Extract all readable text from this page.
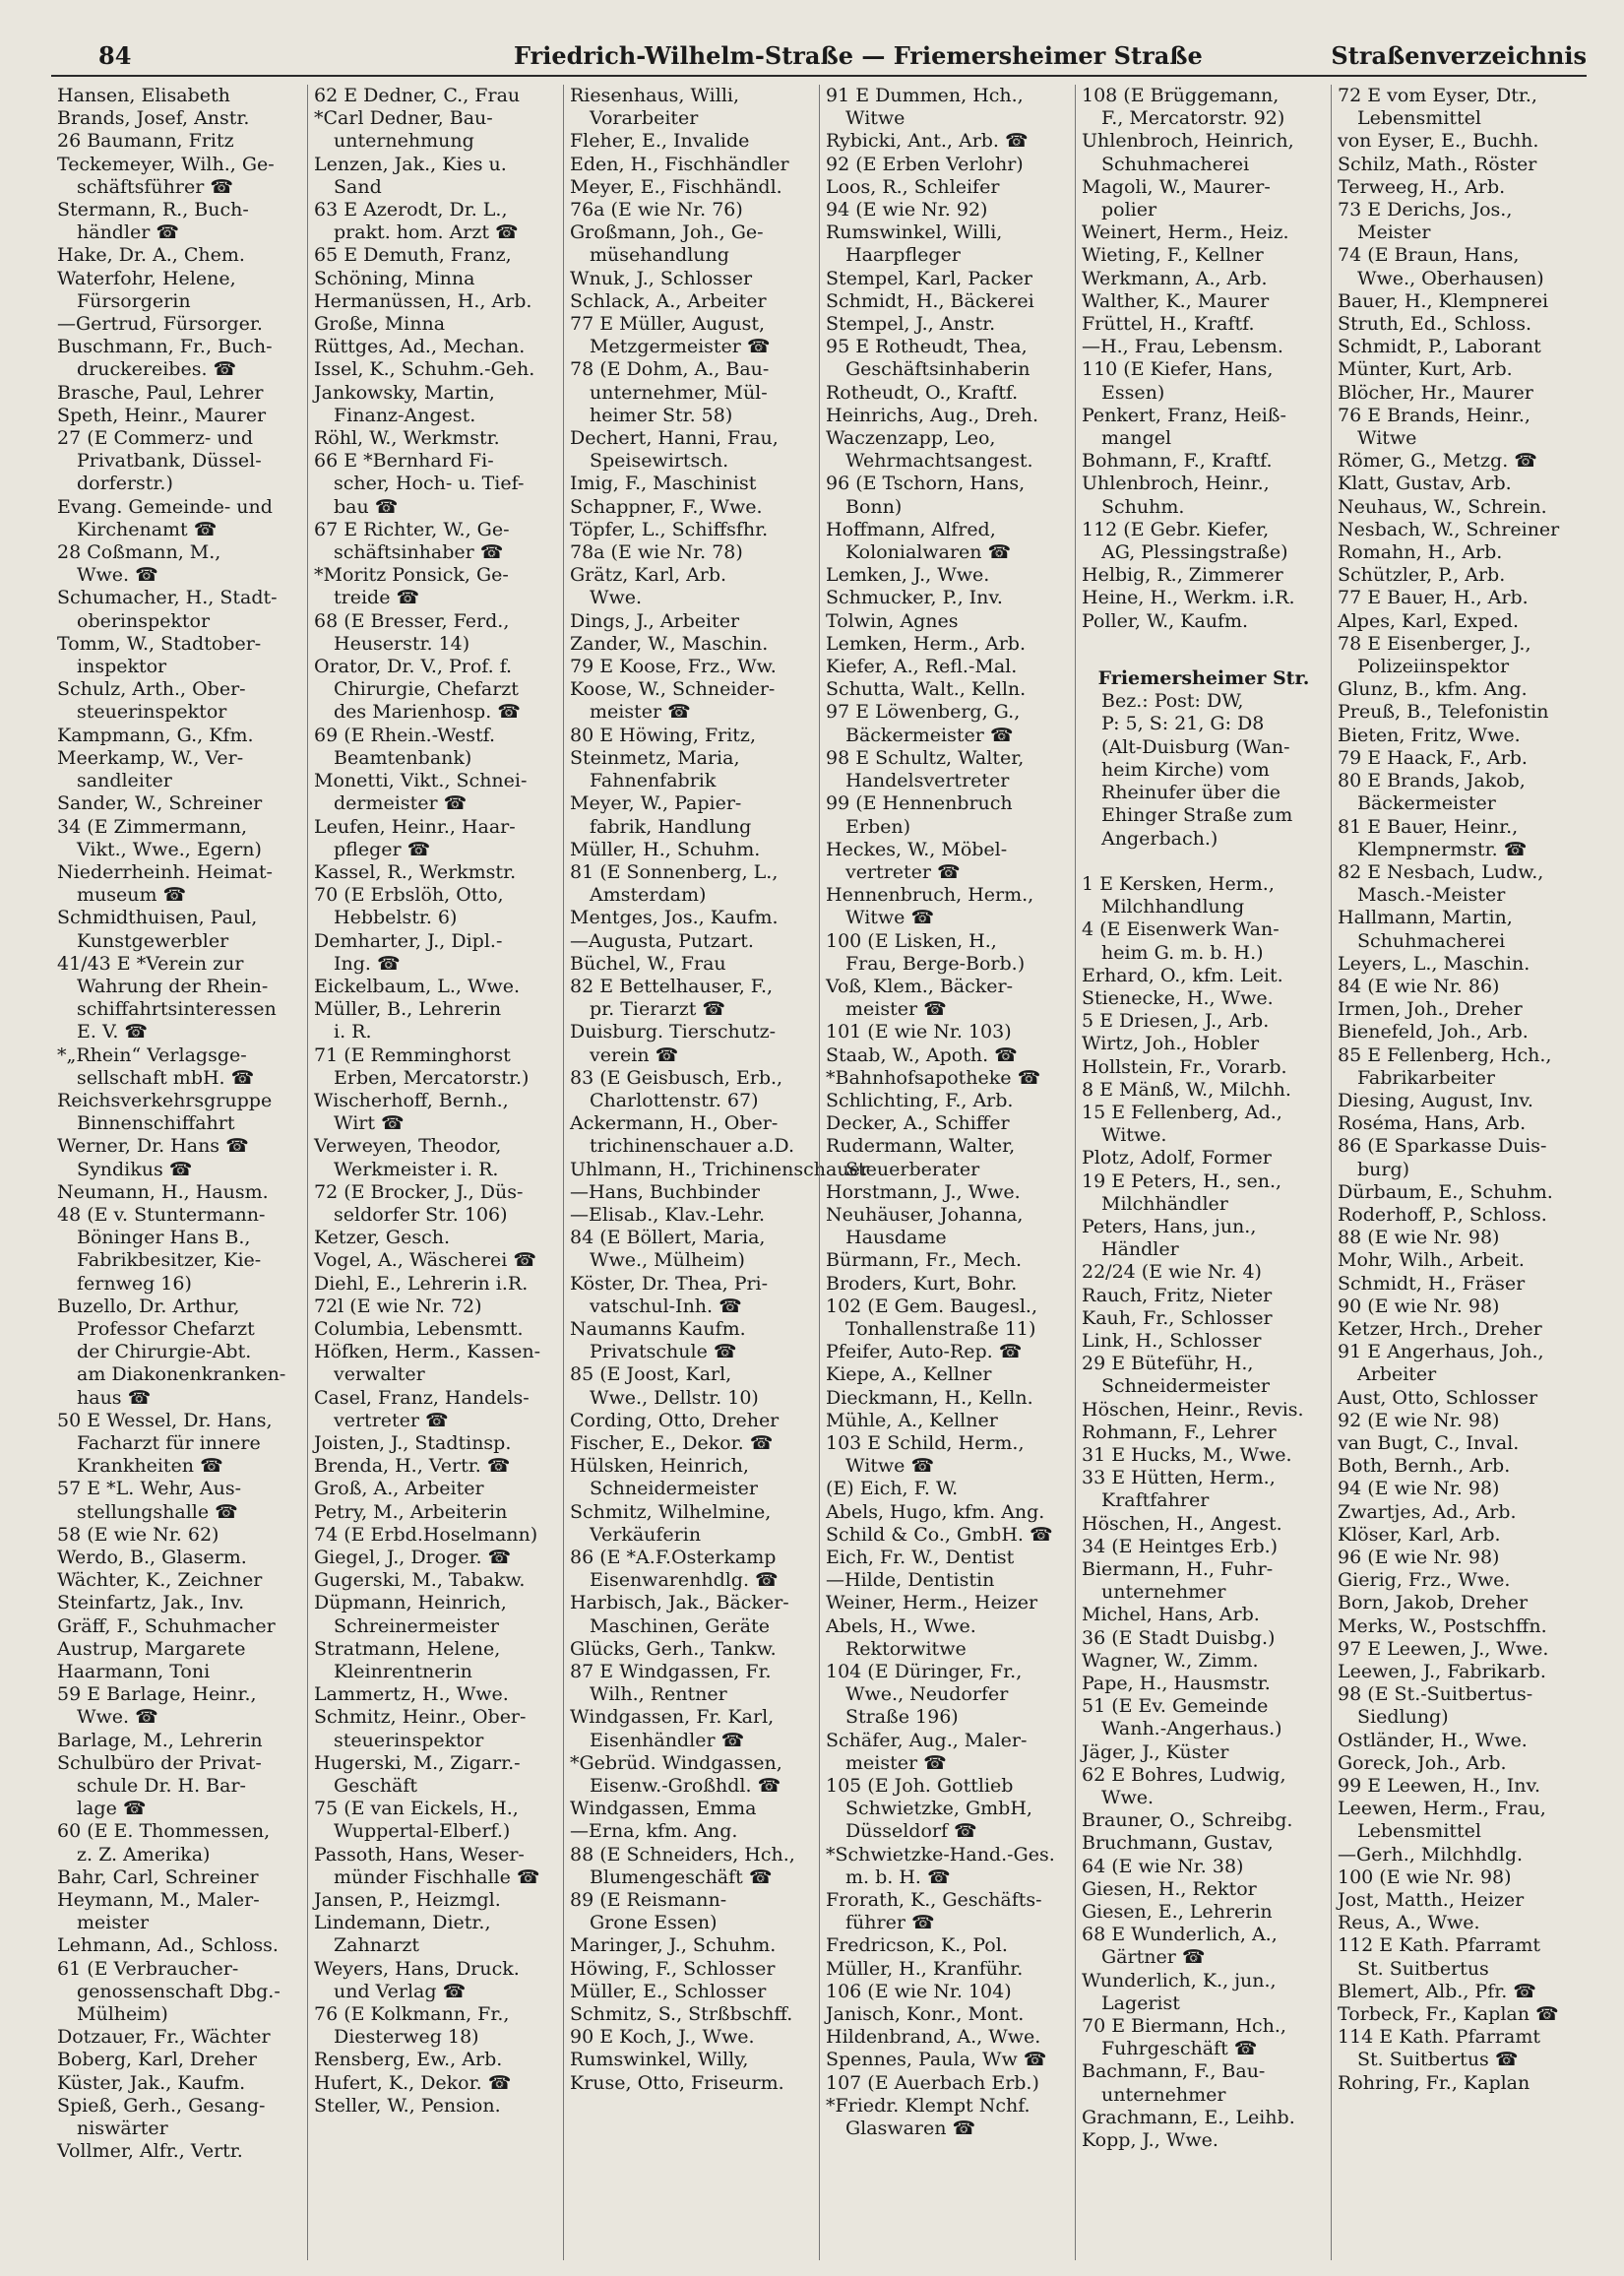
84	Friedrich-Wilhelm-Straße — Friemersheimer Straße	Straßenverzeichnis
Hansen, Elisabeth
Brands, Josef, Anstr.
26 Baumann, Fritz
Teckemeyer, Wilh., Ge-
schäftsführer ☎
Stermann, R., Buch-
händler ☎
Hake, Dr. A., Chem.
Waterfohr, Helene,
Fürsorgerin
—Gertrud, Fürsorger.
Buschmann, Fr., Buch-
druckereibes. ☎
Brasche, Paul, Lehrer
Speth, Heinr., Maurer
27 (E Commerz- und
Privatbank, Düssel-
dorferstr.)
Evang. Gemeinde- und
Kirchenamt ☎
28 Coßmann, M.,
Wwe. ☎
Schumacher, H., Stadt-
oberinspektor
Tomm, W., Stadtober-
inspektor
Schulz, Arth., Ober-
steuerinspektor
Kampmann, G., Kfm.
Meerkamp, W., Ver-
sandleiter
Sander, W., Schreiner
34 (E Zimmermann,
Vikt., Wwe., Egern)
Niederrheinh. Heimat-
museum ☎
Schmidthuisen, Paul,
Kunstgewerbler
41/43 E *Verein zur
Wahrung der Rhein-
schiffahrtsinteressen
E. V. ☎
*„Rhein“ Verlagsge-
sellschaft mbH. ☎
Reichsverkehrsgruppe
Binnenschiffahrt
Werner, Dr. Hans ☎
Syndikus ☎
Neumann, H., Hausm.
48 (E v. Stuntermann-
Böninger Hans B.,
Fabrikbesitzer, Kie-
fernweg 16)
Buzello, Dr. Arthur,
Professor Chefarzt
der Chirurgie-Abt.
am Diakonenkranken-
haus ☎
50 E Wessel, Dr. Hans,
Facharzt für innere
Krankheiten ☎
57 E *L. Wehr, Aus-
stellungshalle ☎
58 (E wie Nr. 62)
Werdo, B., Glaserm.
Wächter, K., Zeichner
Steinfartz, Jak., Inv.
Gräff, F., Schuhmacher
Austrup, Margarete
Haarmann, Toni
59 E Barlage, Heinr.,
Wwe. ☎
Barlage, M., Lehrerin
Schulbüro der Privat-
schule Dr. H. Bar-
lage ☎
60 (E E. Thommessen,
z. Z. Amerika)
Bahr, Carl, Schreiner
Heymann, M., Maler-
meister
Lehmann, Ad., Schloss.
61 (E Verbraucher-
genossenschaft Dbg.-
Mülheim)
Dotzauer, Fr., Wächter
Boberg, Karl, Dreher
Küster, Jak., Kaufm.
Spieß, Gerh., Gesang-
niswärter
Vollmer, Alfr., Vertr.
62 E Dedner, C., Frau
*Carl Dedner, Bau-
unternehmung
Lenzen, Jak., Kies u.
Sand
63 E Azerodt, Dr. L.,
prakt. hom. Arzt ☎
65 E Demuth, Franz,
Schöning, Minna
Hermanüssen, H., Arb.
Große, Minna
Rüttges, Ad., Mechan.
Issel, K., Schuhm.-Geh.
Jankowsky, Martin,
Finanz-Angest.
Röhl, W., Werkmstr.
66 E *Bernhard Fi-
scher, Hoch- u. Tief-
bau ☎
67 E Richter, W., Ge-
schäftsinhaber ☎
*Moritz Ponsick, Ge-
treide ☎
68 (E Bresser, Ferd.,
Heuserstr. 14)
Orator, Dr. V., Prof. f.
Chirurgie, Chefarzt
des Marienhosp. ☎
69 (E Rhein.-Westf.
Beamtenbank)
Monetti, Vikt., Schnei-
dermeister ☎
Leufen, Heinr., Haar-
pfleger ☎
Kassel, R., Werkmstr.
70 (E Erbslöh, Otto,
Hebbelstr. 6)
Demharter, J., Dipl.-
Ing. ☎
Eickelbaum, L., Wwe.
Müller, B., Lehrerin
i. R.
71 (E Remminghorst
Erben, Mercatorstr.)
Wischerhoff, Bernh.,
Wirt ☎
Verweyen, Theodor,
Werkmeister i. R.
72 (E Brocker, J., Düs-
seldorfer Str. 106)
Ketzer, Gesch.
Vogel, A., Wäscherei ☎
Diehl, E., Lehrerin i.R.
72l (E wie Nr. 72)
Columbia, Lebensmtt.
Höfken, Herm., Kassen-
verwalter
Casel, Franz, Handels-
vertreter ☎
Joisten, J., Stadtinsp.
Brenda, H., Vertr. ☎
Groß, A., Arbeiter
Petry, M., Arbeiterin
74 (E Erbd.Hoselmann)
Giegel, J., Droger. ☎
Gugerski, M., Tabakw.
Düpmann, Heinrich,
Schreinermeister
Stratmann, Helene,
Kleinrentnerin
Lammertz, H., Wwe.
Schmitz, Heinr., Ober-
steuerinspektor
Hugerski, M., Zigarr.-
Geschäft
75 (E van Eickels, H.,
Wuppertal-Elberf.)
Passoth, Hans, Weser-
münder Fischhalle ☎
Jansen, P., Heizmgl.
Lindemann, Dietr.,
Zahnarzt
Weyers, Hans, Druck.
und Verlag ☎
76 (E Kolkmann, Fr.,
Diesterweg 18)
Rensberg, Ew., Arb.
Hufert, K., Dekor. ☎
Steller, W., Pension.
Riesenhaus, Willi,
Vorarbeiter
Fleher, E., Invalide
Eden, H., Fischhändler
Meyer, E., Fischhändl.
76a (E wie Nr. 76)
Großmann, Joh., Ge-
müsehandlung
Wnuk, J., Schlosser
Schlack, A., Arbeiter
77 E Müller, August,
Metzgermeister ☎
78 (E Dohm, A., Bau-
unternehmer, Mül-
heimer Str. 58)
Dechert, Hanni, Frau,
Speisewirtsch.
Imig, F., Maschinist
Schappner, F., Wwe.
Töpfer, L., Schiffsfhr.
78a (E wie Nr. 78)
Grätz, Karl, Arb.
Wwe.
Dings, J., Arbeiter
Zander, W., Maschin.
79 E Koose, Frz., Ww.
Koose, W., Schneider-
meister ☎
80 E Höwing, Fritz,
Steinmetz, Maria,
Fahnenfabrik
Meyer, W., Papier-
fabrik, Handlung
Müller, H., Schuhm.
81 (E Sonnenberg, L.,
Amsterdam)
Mentges, Jos., Kaufm.
—Augusta, Putzart.
Büchel, W., Frau
82 E Bettelhauser, F.,
pr. Tierarzt ☎
Duisburg. Tierschutz-
verein ☎
83 (E Geisbusch, Erb.,
Charlottenstr. 67)
Ackermann, H., Ober-
trichinenschauer a.D.
Uhlmann, H., Trichinenschauer
—Hans, Buchbinder
—Elisab., Klav.-Lehr.
84 (E Böllert, Maria,
Wwe., Mülheim)
Köster, Dr. Thea, Pri-
vatschul-Inh. ☎
Naumanns Kaufm.
Privatschule ☎
85 (E Joost, Karl,
Wwe., Dellstr. 10)
Cording, Otto, Dreher
Fischer, E., Dekor. ☎
Hülsken, Heinrich,
Schneidermeister
Schmitz, Wilhelmine,
Verkäuferin
86 (E *A.F.Osterkamp
Eisenwarenhdlg. ☎
Harbisch, Jak., Bäcker-
Maschinen, Geräte
Glücks, Gerh., Tankw.
87 E Windgassen, Fr.
Wilh., Rentner
Windgassen, Fr. Karl,
Eisenhändler ☎
*Gebrüd. Windgassen,
Eisenw.-Großhdl. ☎
Windgassen, Emma
—Erna, kfm. Ang.
88 (E Schneiders, Hch.,
Blumengeschäft ☎
89 (E Reismann-
Grone Essen)
Maringer, J., Schuhm.
Höwing, F., Schlosser
Müller, E., Schlosser
Schmitz, S., Strßbschff.
90 E Koch, J., Wwe.
Rumswinkel, Willy,
Kruse, Otto, Friseurm.
91 E Dummen, Hch.,
Witwe
Rybicki, Ant., Arb. ☎
92 (E Erben Verlohr)
Loos, R., Schleifer
94 (E wie Nr. 92)
Rumswinkel, Willi,
Haarpfleger
Stempel, Karl, Packer
Schmidt, H., Bäckerei
Stempel, J., Anstr.
95 E Rotheudt, Thea,
Geschäftsinhaberin
Rotheudt, O., Kraftf.
Heinrichs, Aug., Dreh.
Waczenzapp, Leo,
Wehrmachtsangest.
96 (E Tschorn, Hans,
Bonn)
Hoffmann, Alfred,
Kolonialwaren ☎
Lemken, J., Wwe.
Schmucker, P., Inv.
Tolwin, Agnes
Lemken, Herm., Arb.
Kiefer, A., Refl.-Mal.
Schutta, Walt., Kelln.
97 E Löwenberg, G.,
Bäckermeister ☎
98 E Schultz, Walter,
Handelsvertreter
99 (E Hennenbruch
Erben)
Heckes, W., Möbel-
vertreter ☎
Hennenbruch, Herm.,
Witwe ☎
100 (E Lisken, H.,
Frau, Berge-Borb.)
Voß, Klem., Bäcker-
meister ☎
101 (E wie Nr. 103)
Staab, W., Apoth. ☎
*Bahnhofsapotheke ☎
Schlichting, F., Arb.
Decker, A., Schiffer
Rudermann, Walter,
Steuerberater
Horstmann, J., Wwe.
Neuhäuser, Johanna,
Hausdame
Bürmann, Fr., Mech.
Broders, Kurt, Bohr.
102 (E Gem. Baugesl.,
Tonhallenstraße 11)
Pfeifer, Auto-Rep. ☎
Kiepe, A., Kellner
Dieckmann, H., Kelln.
Mühle, A., Kellner
103 E Schild, Herm.,
Witwe ☎
(E) Eich, F. W.
Abels, Hugo, kfm. Ang.
Schild & Co., GmbH. ☎
Eich, Fr. W., Dentist
—Hilde, Dentistin
Weiner, Herm., Heizer
Abels, H., Wwe.
Rektorwitwe
104 (E Düringer, Fr.,
Wwe., Neudorfer
Straße 196)
Schäfer, Aug., Maler-
meister ☎
105 (E Joh. Gottlieb
Schwietzke, GmbH,
Düsseldorf ☎
*Schwietzke-Hand.-Ges.
m. b. H. ☎
Frorath, K., Geschäfts-
führer ☎
Fredricson, K., Pol.
Müller, H., Kranführ.
106 (E wie Nr. 104)
Janisch, Konr., Mont.
Hildenbrand, A., Wwe.
Spennes, Paula, Ww ☎
107 (E Auerbach Erb.)
*Friedr. Klempt Nchf.
Glaswaren ☎
108 (E Brüggemann,
F., Mercatorstr. 92)
Uhlenbroch, Heinrich,
Schuhmacherei
Magoli, W., Maurer-
polier
Weinert, Herm., Heiz.
Wieting, F., Kellner
Werkmann, A., Arb.
Walther, K., Maurer
Früttel, H., Kraftf.
—H., Frau, Lebensm.
110 (E Kiefer, Hans,
Essen)
Penkert, Franz, Heiß-
mangel
Bohmann, F., Kraftf.
Uhlenbroch, Heinr.,
Schuhm.
112 (E Gebr. Kiefer,
AG, Plessingstraße)
Helbig, R., Zimmerer
Heine, H., Werkm. i.R.
Poller, W., Kaufm.

Friemersheimer Str.
Bez.: Post: DW,
P: 5, S: 21, G: D8
(Alt-Duisburg (Wan-
heim Kirche) vom
Rheinufer über die
Ehinger Straße zum
Angerbach.)

1 E Kersken, Herm.,
Milchhandlung
4 (E Eisenwerk Wan-
heim G. m. b. H.)
Erhard, O., kfm. Leit.
Stienecke, H., Wwe.
5 E Driesen, J., Arb.
Wirtz, Joh., Hobler
Hollstein, Fr., Vorarb.
8 E Mänß, W., Milchh.
15 E Fellenberg, Ad.,
Witwe.
Plotz, Adolf, Former
19 E Peters, H., sen.,
Milchhändler
Peters, Hans, jun.,
Händler
22/24 (E wie Nr. 4)
Rauch, Fritz, Nieter
Kauh, Fr., Schlosser
Link, H., Schlosser
29 E Büteführ, H.,
Schneidermeister
Höschen, Heinr., Revis.
Rohmann, F., Lehrer
31 E Hucks, M., Wwe.
33 E Hütten, Herm.,
Kraftfahrer
Höschen, H., Angest.
34 (E Heintges Erb.)
Biermann, H., Fuhr-
unternehmer
Michel, Hans, Arb.
36 (E Stadt Duisbg.)
Wagner, W., Zimm.
Pape, H., Hausmstr.
51 (E Ev. Gemeinde
Wanh.-Angerhaus.)
Jäger, J., Küster
62 E Bohres, Ludwig,
Wwe.
Brauner, O., Schreibg.
Bruchmann, Gustav,
64 (E wie Nr. 38)
Giesen, H., Rektor
Giesen, E., Lehrerin
68 E Wunderlich, A.,
Gärtner ☎
Wunderlich, K., jun.,
Lagerist
70 E Biermann, Hch.,
Fuhrgeschäft ☎
Bachmann, F., Bau-
unternehmer
Grachmann, E., Leihb.
Kopp, J., Wwe.
72 E vom Eyser, Dtr.,
Lebensmittel
von Eyser, E., Buchh.
Schilz, Math., Röster
Terweeg, H., Arb.
73 E Derichs, Jos.,
Meister
74 (E Braun, Hans,
Wwe., Oberhausen)
Bauer, H., Klempnerei
Struth, Ed., Schloss.
Schmidt, P., Laborant
Münter, Kurt, Arb.
Blöcher, Hr., Maurer
76 E Brands, Heinr.,
Witwe
Römer, G., Metzg. ☎
Klatt, Gustav, Arb.
Neuhaus, W., Schrein.
Nesbach, W., Schreiner
Romahn, H., Arb.
Schützler, P., Arb.
77 E Bauer, H., Arb.
Alpes, Karl, Exped.
78 E Eisenberger, J.,
Polizeiinspektor
Glunz, B., kfm. Ang.
Preuß, B., Telefonistin
Bieten, Fritz, Wwe.
79 E Haack, F., Arb.
80 E Brands, Jakob,
Bäckermeister
81 E Bauer, Heinr.,
Klempnermstr. ☎
82 E Nesbach, Ludw.,
Masch.-Meister
Hallmann, Martin,
Schuhmacherei
Leyers, L., Maschin.
84 (E wie Nr. 86)
Irmen, Joh., Dreher
Bienefeld, Joh., Arb.
85 E Fellenberg, Hch.,
Fabrikarbeiter
Diesing, August, Inv.
Roséma, Hans, Arb.
86 (E Sparkasse Duis-
burg)
Dürbaum, E., Schuhm.
Roderhoff, P., Schloss.
88 (E wie Nr. 98)
Mohr, Wilh., Arbeit.
Schmidt, H., Fräser
90 (E wie Nr. 98)
Ketzer, Hrch., Dreher
91 E Angerhaus, Joh.,
Arbeiter
Aust, Otto, Schlosser
92 (E wie Nr. 98)
van Bugt, C., Inval.
Both, Bernh., Arb.
94 (E wie Nr. 98)
Zwartjes, Ad., Arb.
Klöser, Karl, Arb.
96 (E wie Nr. 98)
Gierig, Frz., Wwe.
Born, Jakob, Dreher
Merks, W., Postschffn.
97 E Leewen, J., Wwe.
Leewen, J., Fabrikarb.
98 (E St.-Suitbertus-
Siedlung)
Ostländer, H., Wwe.
Goreck, Joh., Arb.
99 E Leewen, H., Inv.
Leewen, Herm., Frau,
Lebensmittel
—Gerh., Milchhdlg.
100 (E wie Nr. 98)
Jost, Matth., Heizer
Reus, A., Wwe.
112 E Kath. Pfarramt
St. Suitbertus
Blemert, Alb., Pfr. ☎
Torbeck, Fr., Kaplan ☎
114 E Kath. Pfarramt
St. Suitbertus ☎
Rohring, Fr., Kaplan
